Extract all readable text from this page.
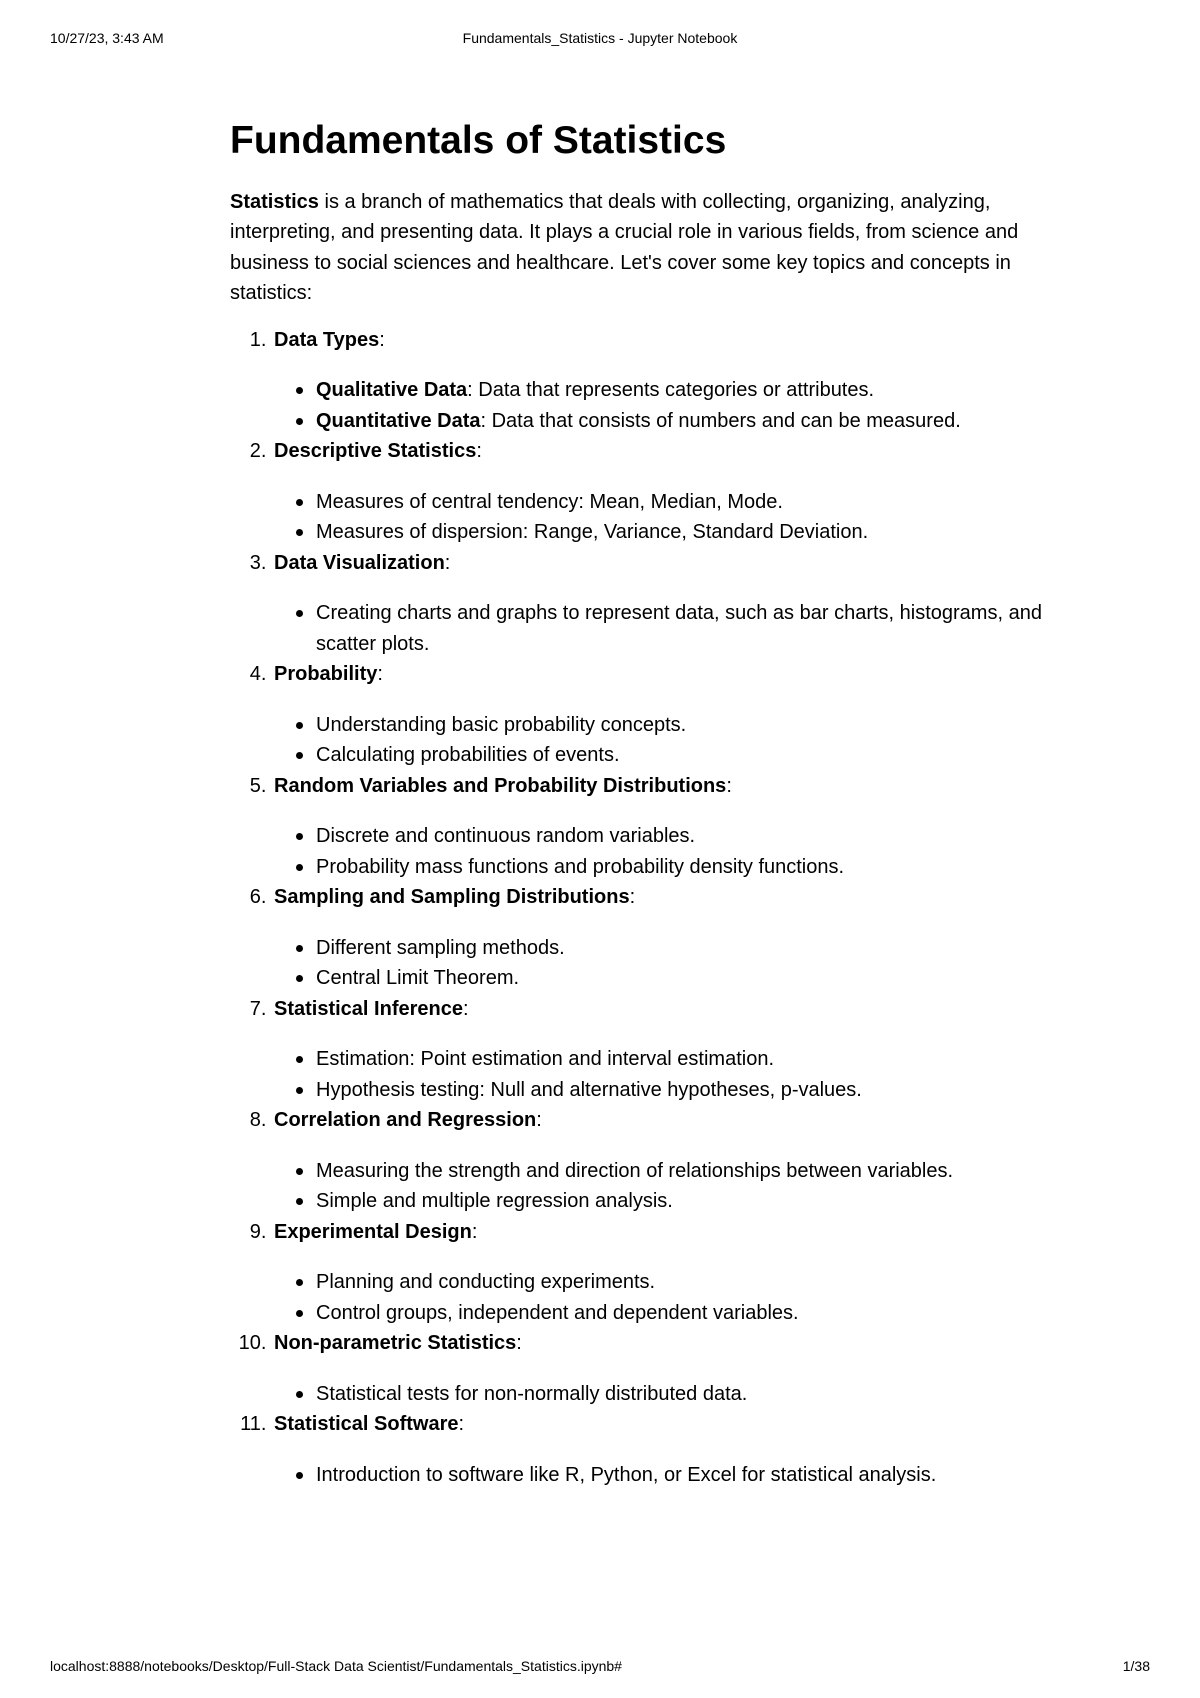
Fundamentals_Statistics - Jupyter Notebook
10/27/23, 3:43 AM
Fundamentals of Statistics

Statistics is a branch of mathematics that deals with collecting, organizing, analyzing, interpreting, and presenting data. It plays a crucial role in various fields, from science and business to social sciences and healthcare. Let's cover some key topics and concepts in statistics:

1. Data Types:
Qualitative Data: Data that represents categories or attributes.
Quantitative Data: Data that consists of numbers and can be measured.
2. Descriptive Statistics:
Measures of central tendency: Mean, Median, Mode.
Measures of dispersion: Range, Variance, Standard Deviation.
3. Data Visualization:
Creating charts and graphs to represent data, such as bar charts, histograms, and scatter plots.
4. Probability:
Understanding basic probability concepts.
Calculating probabilities of events.
5. Random Variables and Probability Distributions:
Discrete and continuous random variables.
Probability mass functions and probability density functions.
6. Sampling and Sampling Distributions:
Different sampling methods.
Central Limit Theorem.
7. Statistical Inference:
Estimation: Point estimation and interval estimation.
Hypothesis testing: Null and alternative hypotheses, p-values.
8. Correlation and Regression:
Measuring the strength and direction of relationships between variables.
Simple and multiple regression analysis.
9. Experimental Design:
Planning and conducting experiments.
Control groups, independent and dependent variables.
10. Non-parametric Statistics:
Statistical tests for non-normally distributed data.
11. Statistical Software:
Introduction to software like R, Python, or Excel for statistical analysis.
localhost:8888/notebooks/Desktop/Full-Stack Data Scientist/Fundamentals_Statistics.ipynb#	1/38
